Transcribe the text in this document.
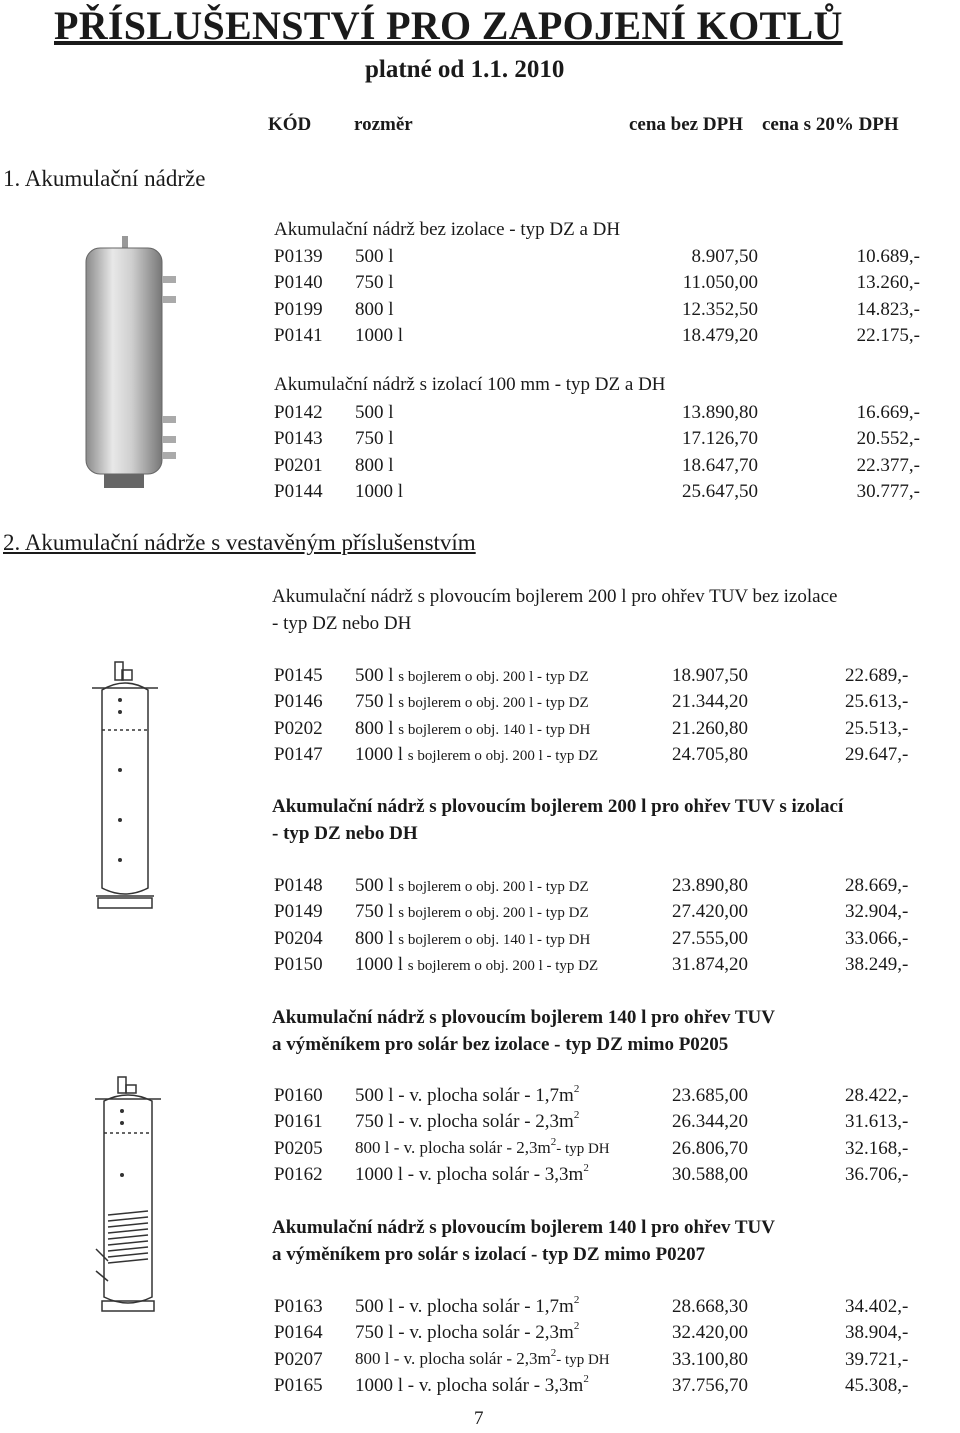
PŘÍSLUŠENSTVÍ PRO ZAPOJENÍ KOTLŮ
platné od 1.1. 2010
KÓD rozměr	cena bez DPH cena s 20% DPH
1. Akumulační nádrže
Akumulační nádrž bez izolace - typ DZ a DH
Akumulační nádrž s izolací 100 mm - typ DZ a DH
2. Akumulační nádrže s vestavěným příslušenstvím
Akumulační nádrž s plovoucím bojlerem 200 l pro ohřev TUV bez izolace
- typ DZ nebo DH
Akumulační nádrž s plovoucím bojlerem 200 l pro ohřev TUV s izolací
- typ DZ nebo DH
Akumulační nádrž s plovoucím bojlerem 140 l pro ohřev TUV
a výměníkem pro solár bez izolace - typ DZ mimo P0205
Akumulační nádrž s plovoucím bojlerem 140 l pro ohřev TUV
a výměníkem pro solár s izolací - typ DZ mimo P0207
7
P0139 500 l	8.907,50	10.689,-
P0140 750 l	11.050,00	13.260,-
P0199 800 l	12.352,50	14.823,-
P0141 1000 l	18.479,20	22.175,-
P0142 500 l	13.890,80	16.669,-
P0143 750 l	17.126,70	20.552,-
P0201 800 l	18.647,70	22.377,-
P0144 1000 l	25.647,50	30.777,-
P0145 500 l s bojlerem o obj. 200 l - typ DZ	18.907,50	22.689,-
P0146 750 l s bojlerem o obj. 200 l - typ DZ	21.344,20	25.613,-
P0202 800 l s bojlerem o obj. 140 l - typ DH	21.260,80	25.513,-
P0147 1000 l s bojlerem o obj. 200 l - typ DZ	24.705,80	29.647,-
P0148 500 l s bojlerem o obj. 200 l - typ DZ	23.890,80	28.669,-
P0149 750 l s bojlerem o obj. 200 l - typ DZ	27.420,00	32.904,-
P0204 800 l s bojlerem o obj. 140 l - typ DH	27.555,00	33.066,-
P0150 1000 l s bojlerem o obj. 200 l - typ DZ	31.874,20	38.249,-
P0160 500 l - v. plocha solár - $1,7m^2$	23.685,00	28.422,-
P0161 750 l - v. plocha solár - $2,3m^2$	26.344,20	31.613,-
P0205 800 l - v. plocha solár - $2,3m^2-$ typ DH	26.806,70	32.168,-
P0162 1000 l - v. plocha solár - $3,3m^2$	30.588,00	36.706,-
P0163 500 l - v. plocha solár - $1,7m^2$	28.668,30	34.402,-
P0164 750 l - v. plocha solár - $2,3m^2$	32.420,00	38.904,-
P0207 800 l - v. plocha solár - $2,3m^2-$ typ DH	33.100,80	39.721,-
P0165 1000 l - v. plocha solár - $3,3m^2$	37.756,70	45.308,-
